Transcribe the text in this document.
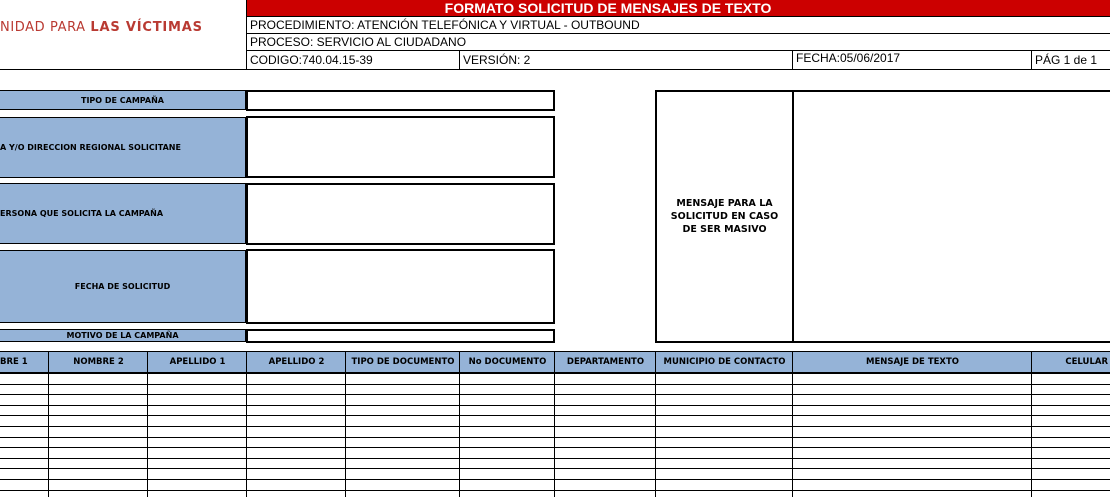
NIDAD PARA LAS VÍCTIMAS
FORMATO SOLICITUD DE MENSAJES DE TEXTO
PROCEDIMIENTO: ATENCIÓN TELEFÓNICA Y VIRTUAL - OUTBOUND
PROCESO: SERVICIO AL CIUDADANO
CODIGO:740.04.15-39	VERSIÓN: 2	FECHA:05/06/2017	PÁG 1 de 1
TIPO DE CAMPAÑA
A Y/O DIRECCION REGIONAL SOLICITANE
ERSONA QUE SOLICITA LA CAMPAÑA
FECHA DE SOLICITUD
MOTIVO DE LA CAMPAÑA
MENSAJE PARA LA SOLICITUD EN CASO DE SER MASIVO
BRE 1	NOMBRE 2	APELLIDO 1	APELLIDO 2	TIPO DE DOCUMENTO	No DOCUMENTO	DEPARTAMENTO	MUNICIPIO DE CONTACTO	MENSAJE DE TEXTO	CELULAR
